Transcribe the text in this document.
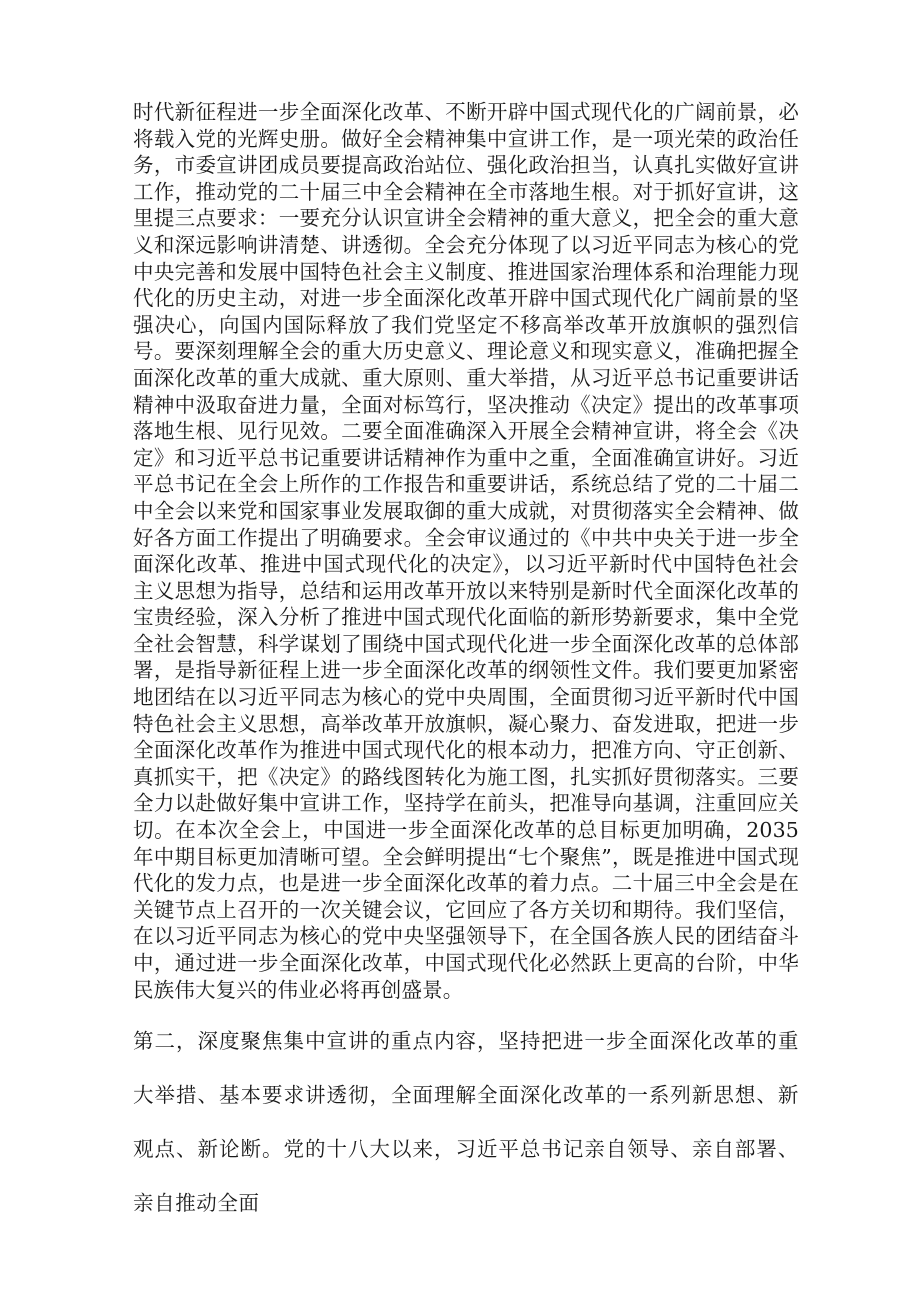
时代新征程进一步全面深化改革、不断开辟中国式现代化的广阔前景，必将载入党的光辉史册。做好全会精神集中宣讲工作，是一项光荣的政治任务，市委宣讲团成员要提高政治站位、强化政治担当，认真扎实做好宣讲工作，推动党的二十届三中全会精神在全市落地生根。对于抓好宣讲，这里提三点要求：一要充分认识宣讲全会精神的重大意义，把全会的重大意义和深远影响讲清楚、讲透彻。全会充分体现了以习近平同志为核心的党中央完善和发展中国特色社会主义制度、推进国家治理体系和治理能力现代化的历史主动，对进一步全面深化改革开辟中国式现代化广阔前景的坚强决心，向国内国际释放了我们党坚定不移高举改革开放旗帜的强烈信号。要深刻理解全会的重大历史意义、理论意义和现实意义，准确把握全面深化改革的重大成就、重大原则、重大举措，从习近平总书记重要讲话精神中汲取奋进力量，全面对标笃行，坚决推动《决定》提出的改革事项落地生根、见行见效。二要全面准确深入开展全会精神宣讲，将全会《决定》和习近平总书记重要讲话精神作为重中之重，全面准确宣讲好。习近平总书记在全会上所作的工作报告和重要讲话，系统总结了党的二十届二中全会以来党和国家事业发展取御的重大成就，对贯彻落实全会精神、做好各方面工作提出了明确要求。全会审议通过的《中共中央关于进一步全面深化改革、推进中国式现代化的决定》，以习近平新时代中国特色社会主义思想为指导，总结和运用改革开放以来特别是新时代全面深化改革的宝贵经验，深入分析了推进中国式现代化面临的新形势新要求，集中全党全社会智慧，科学谋划了围绕中国式现代化进一步全面深化改革的总体部署，是指导新征程上进一步全面深化改革的纲领性文件。我们要更加紧密地团结在以习近平同志为核心的党中央周围，全面贯彻习近平新时代中国特色社会主义思想，高举改革开放旗帜，凝心聚力、奋发进取，把进一步全面深化改革作为推进中国式现代化的根本动力，把准方向、守正创新、真抓实干，把《决定》的路线图转化为施工图，扎实抓好贯彻落实。三要全力以赴做好集中宣讲工作，坚持学在前头，把准导向基调，注重回应关切。在本次全会上，中国进一步全面深化改革的总目标更加明确，2035年中期目标更加清晰可望。全会鲜明提出“七个聚焦”，既是推进中国式现代化的发力点，也是进一步全面深化改革的着力点。二十届三中全会是在关键节点上召开的一次关键会议，它回应了各方关切和期待。我们坚信，在以习近平同志为核心的党中央坚强领导下，在全国各族人民的团结奋斗中，通过进一步全面深化改革，中国式现代化必然跃上更高的台阶，中华民族伟大复兴的伟业必将再创盛景。

第二，深度聚焦集中宣讲的重点内容，坚持把进一步全面深化改革的重大举措、基本要求讲透彻，全面理解全面深化改革的一系列新思想、新观点、新论断。党的十八大以来，习近平总书记亲自领导、亲自部署、亲自推动全面
